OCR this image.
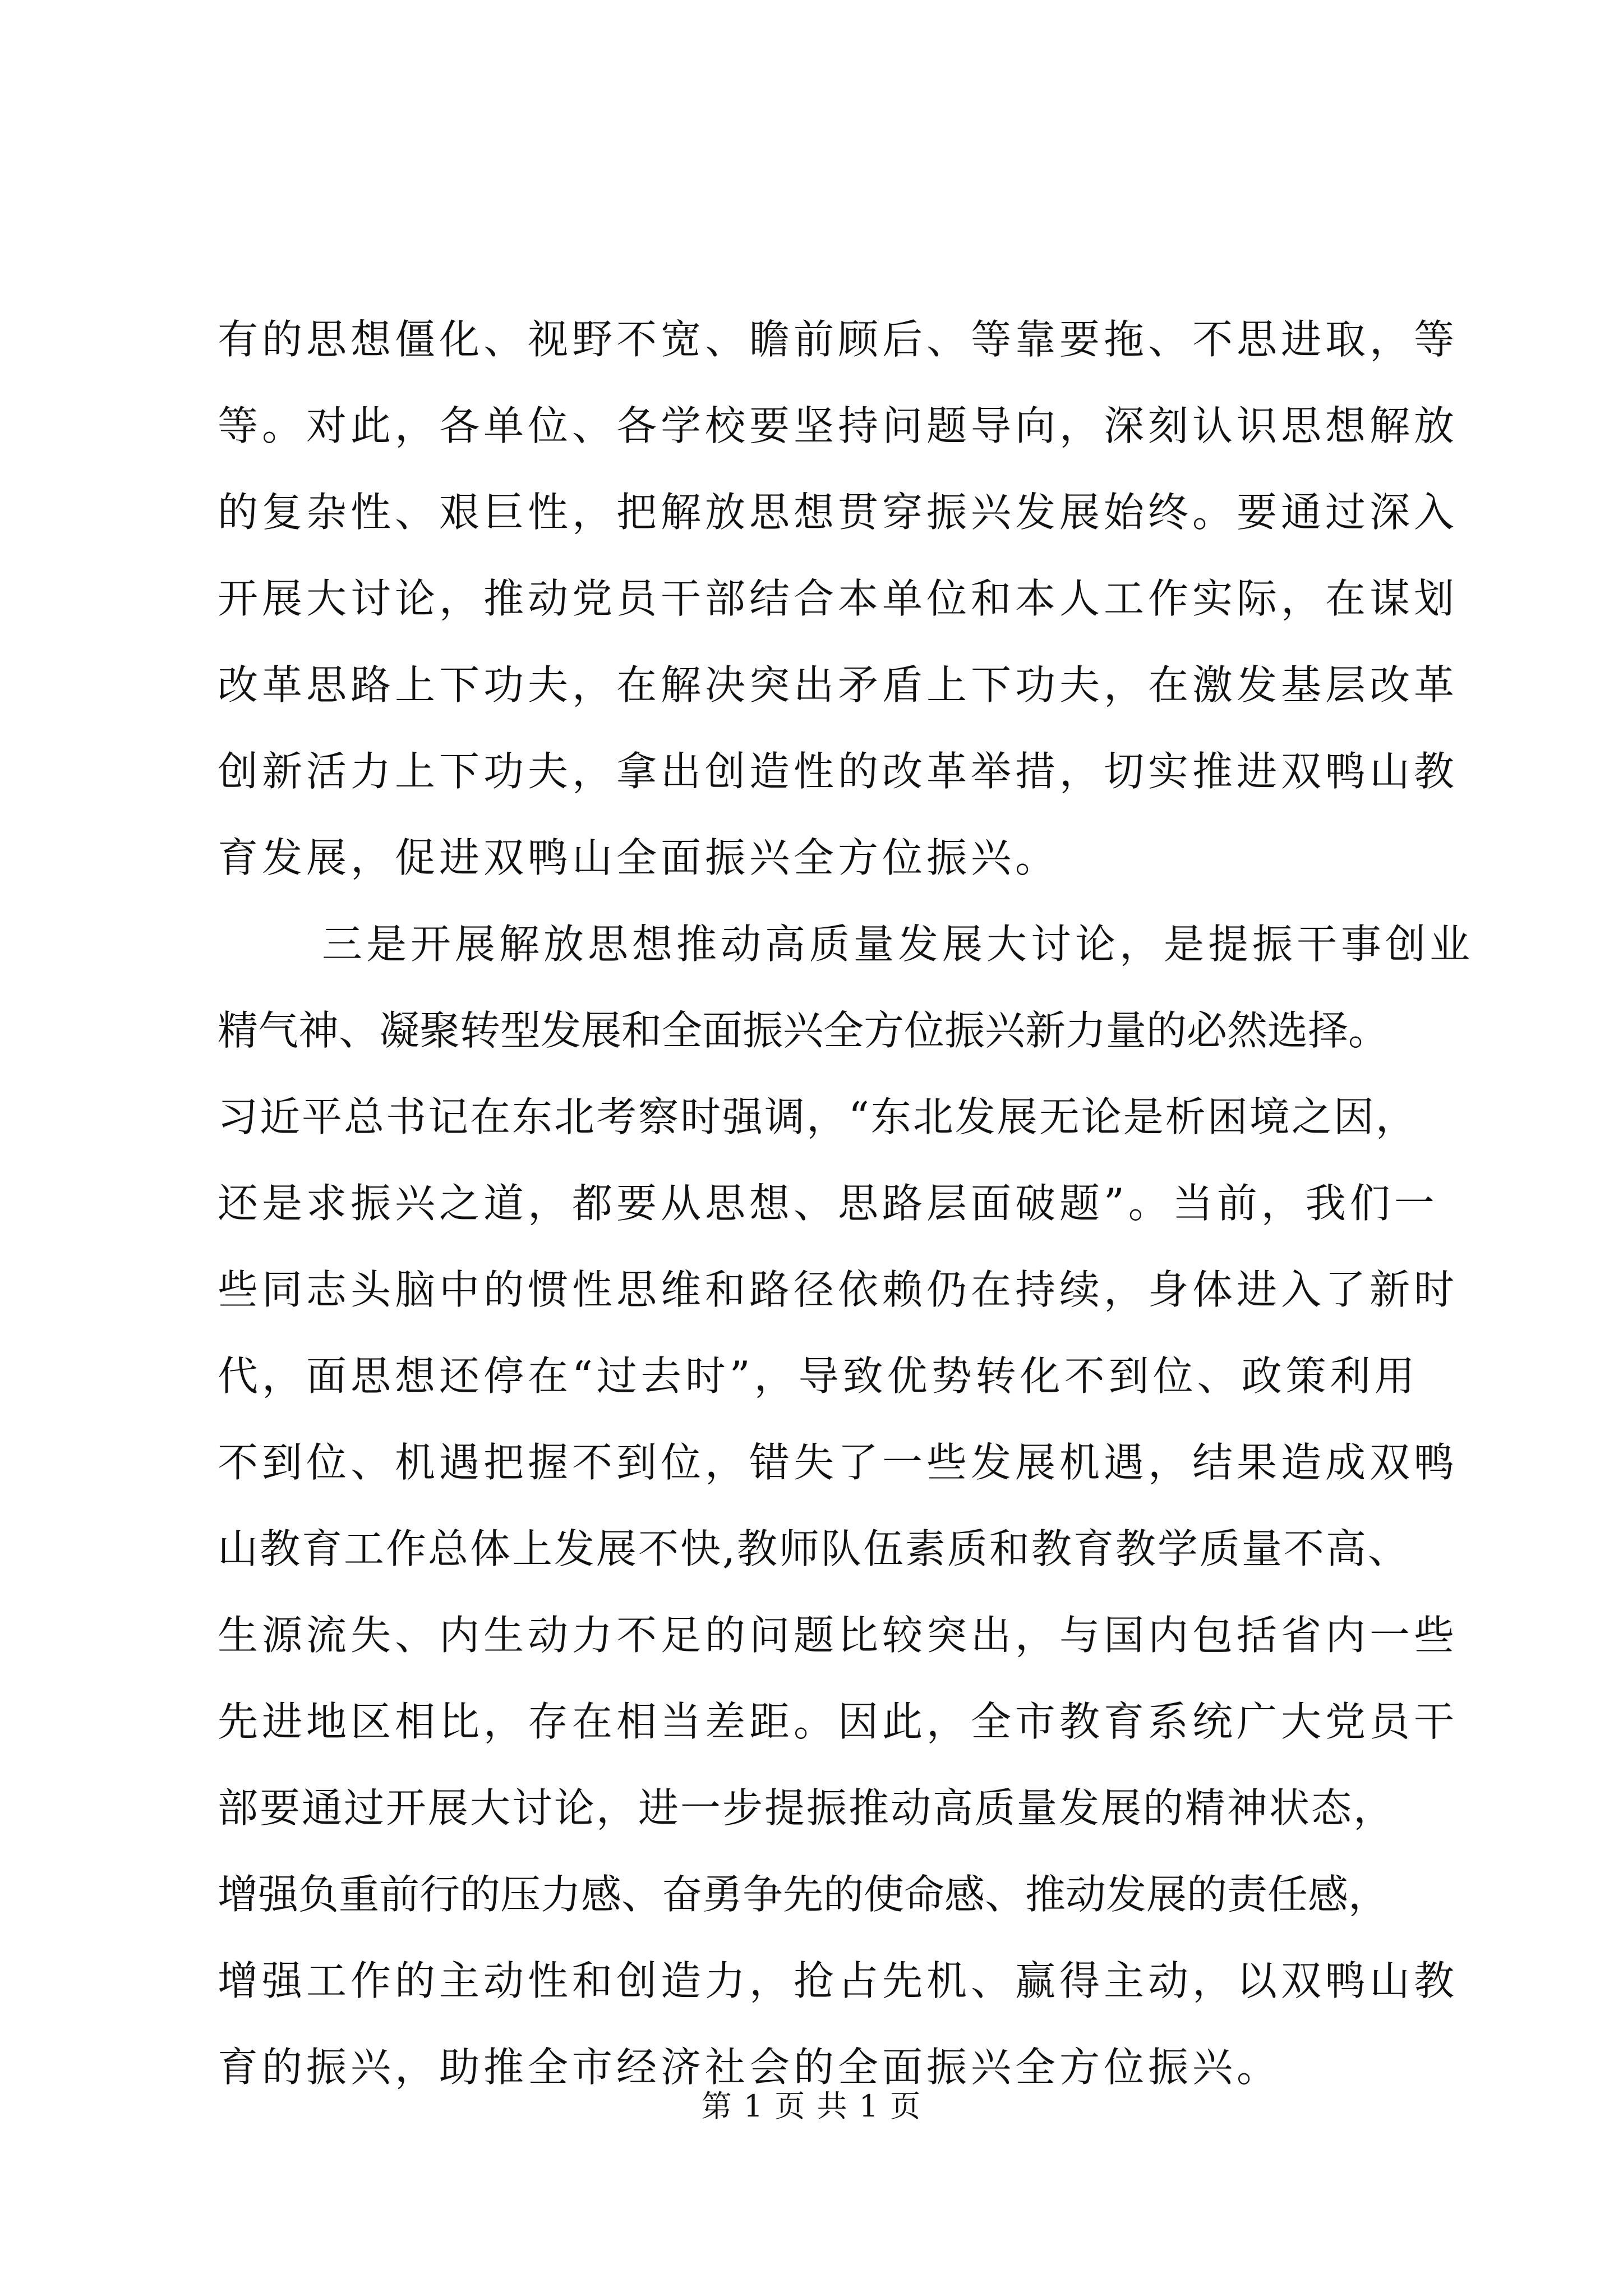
有的思想僵化、视野不宽、瞻前顾后、等靠要拖、不思进取，等
等。对此，各单位、各学校要坚持问题导向，深刻认识思想解放
的复杂性、艰巨性，把解放思想贯穿振兴发展始终。要通过深入
开展大讨论，推动党员干部结合本单位和本人工作实际，在谋划
改革思路上下功夫，在解决突出矛盾上下功夫，在激发基层改革
创新活力上下功夫，拿出创造性的改革举措，切实推进双鸭山教
育发展，促进双鸭山全面振兴全方位振兴。
三是开展解放思想推动高质量发展大讨论，是提振干事创业
精气神、凝聚转型发展和全面振兴全方位振兴新力量的必然选择。
习近平总书记在东北考察时强调，“东北发展无论是析困境之因，
还是求振兴之道，都要从思想、思路层面破题”。当前，我们一
些同志头脑中的惯性思维和路径依赖仍在持续，身体进入了新时
代，面思想还停在“过去时”，导致优势转化不到位、政策利用
不到位、机遇把握不到位，错失了一些发展机遇，结果造成双鸭
山教育工作总体上发展不快,教师队伍素质和教育教学质量不高、
生源流失、内生动力不足的问题比较突出，与国内包括省内一些
先进地区相比，存在相当差距。因此，全市教育系统广大党员干
部要通过开展大讨论，进一步提振推动高质量发展的精神状态，
增强负重前行的压力感、奋勇争先的使命感、推动发展的责任感，
增强工作的主动性和创造力，抢占先机、赢得主动，以双鸭山教
育的振兴，助推全市经济社会的全面振兴全方位振兴。
第 1 页 共 1 页
